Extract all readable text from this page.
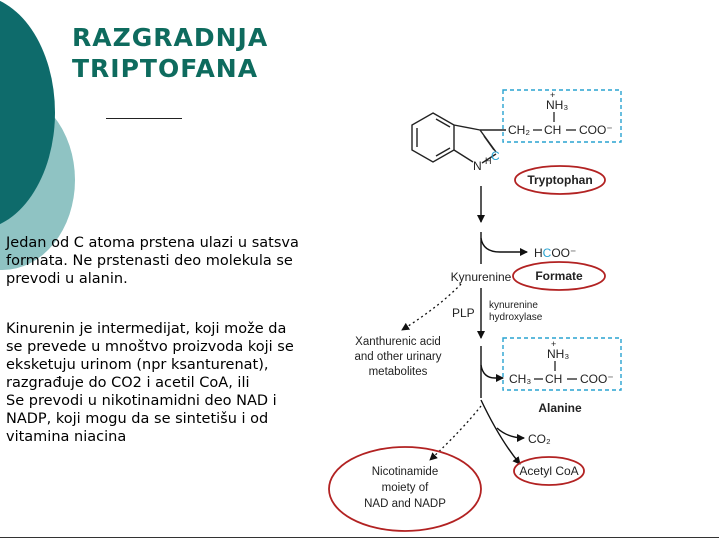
RAZGRADNJA
TRIPTOFANA

Jedan od C atoma prstena ulazi u satsva
formata. Ne prstenasti deo molekula se
prevodi u alanin.

Kinurenin je intermedijat, koji može da
se prevede u mnoštvo proizvoda koji se
eksketuju urinom (npr ksanturenat),
razgrađuje do CO2 i acetil CoA, ili
Se prevodi u nikotinamidni deo NAD i
NADP, koji mogu da se sintetišu i od
vitamina niacina

N H C
CH₂ CH COO⁻
NH₃
+
Tryptophan
HCOO⁻
Formate
Kynurenine
PLP
kynurenine
hydroxylase
Xanthurenic acid
and other urinary
metabolites	CH₃ CH COO⁻
NH₃
+
Alanine
CO₂
Acetyl CoA
Nicotinamide
moiety of
NAD and NADP
